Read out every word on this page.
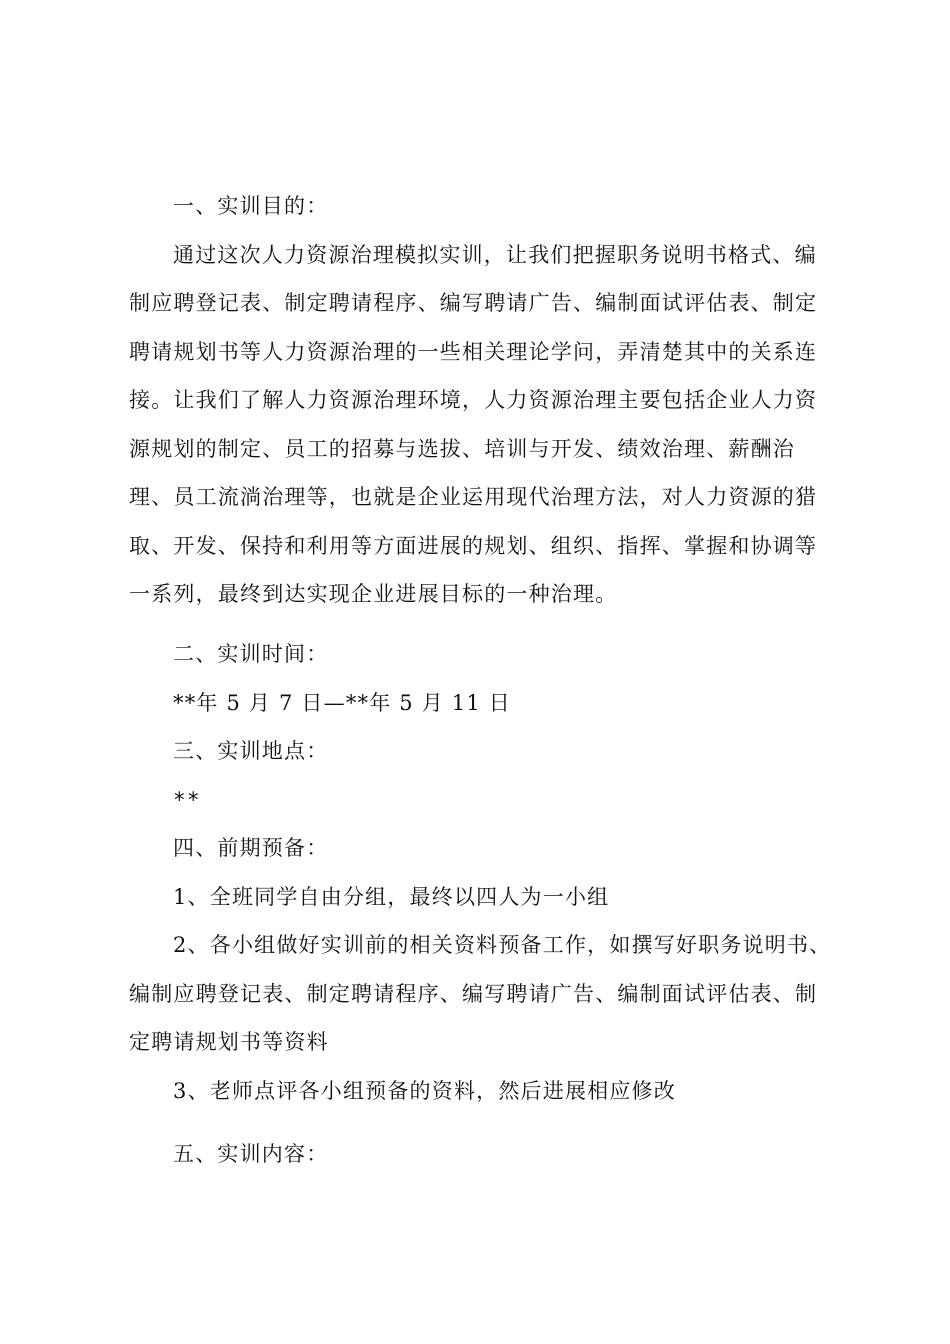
一、实训目的：
通过这次人力资源治理模拟实训，让我们把握职务说明书格式、编
制应聘登记表、制定聘请程序、编写聘请广告、编制面试评估表、制定
聘请规划书等人力资源治理的一些相关理论学问，弄清楚其中的关系连
接。让我们了解人力资源治理环境，人力资源治理主要包括企业人力资
源规划的制定、员工的招募与选拔、培训与开发、绩效治理、薪酬治
理、员工流淌治理等，也就是企业运用现代治理方法，对人力资源的猎
取、开发、保持和利用等方面进展的规划、组织、指挥、掌握和协调等
一系列，最终到达实现企业进展目标的一种治理。
二、实训时间：
**年 5 月 7 日—**年 5 月 11 日
三、实训地点：
**
四、前期预备：
1、全班同学自由分组，最终以四人为一小组
2、各小组做好实训前的相关资料预备工作，如撰写好职务说明书、
编制应聘登记表、制定聘请程序、编写聘请广告、编制面试评估表、制
定聘请规划书等资料
3、老师点评各小组预备的资料，然后进展相应修改
五、实训内容：
